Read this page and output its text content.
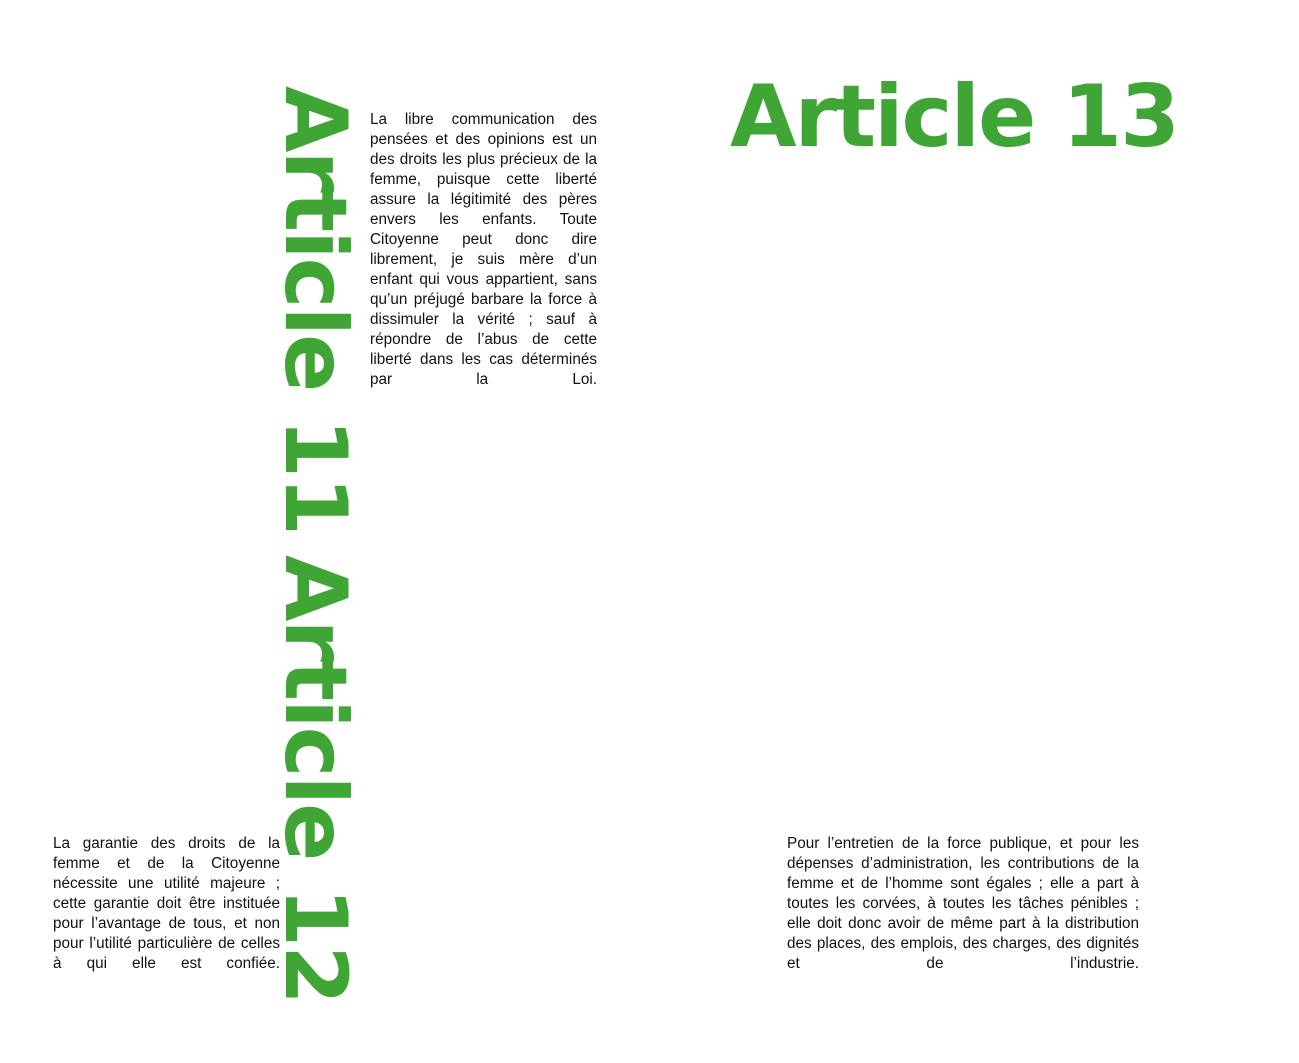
Article 11
Article 12
Article 13

La libre communication des pensées et des opinions est un des droits les plus précieux de la femme, puisque cette liberté assure la légitimité des pères envers les enfants. Toute Citoyenne peut donc dire librement, je suis mère d’un enfant qui vous appartient, sans qu’un préjugé barbare la force à dissimuler la vérité ; sauf à répondre de l’abus de cette liberté dans les cas déterminés par la Loi.

La garantie des droits de la femme et de la Citoyenne nécessite une utilité majeure ; cette garantie doit être instituée pour l’avantage de tous, et non pour l’utilité particulière de celles à qui elle est confiée.

Pour l’entretien de la force publique, et pour les dépenses d’administration, les contributions de la femme et de l’homme sont égales ; elle a part à toutes les corvées, à toutes les tâches pénibles ; elle doit donc avoir de même part à la distribution des places, des emplois, des charges, des dignités et de l’industrie.
